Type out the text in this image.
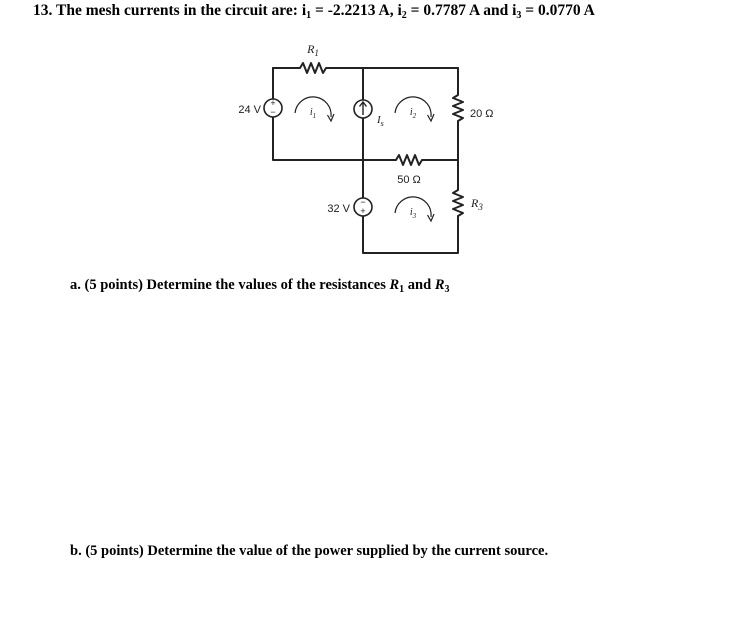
13. The mesh currents in the circuit are: i1 = -2.2213 A, i2 = 0.7787 A and i3 = 0.0770 A
+
−
24 V
$I_s$
−
+
32 V
$i_1$	$i_2$
$i_3$
$R_1$
20 Ω
50 Ω
$R_3$
a. (5 points) Determine the values of the resistances $R_1$ and $R_3$
b. (5 points) Determine the value of the power supplied by the current source.
